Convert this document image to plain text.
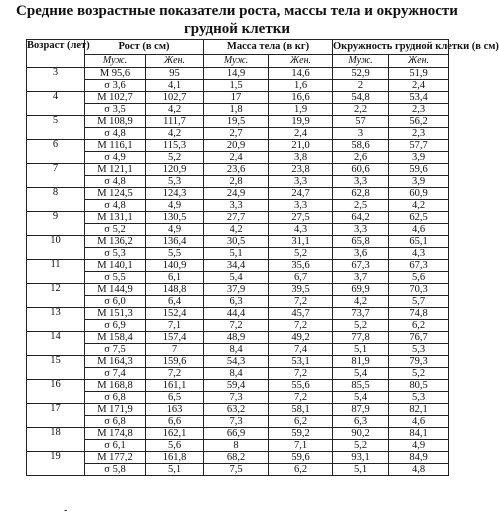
Средние возрастные показатели роста, массы тела и окружности
грудной клетки
Возраст (лет)	Рост (в см)		Масса тела (в кг)		Окружность грудной клетки (в см)	
	Муж.	Жен.	Муж.	Жен.	Муж.	Жен.
3	М 95,6	95	14,9	14,6	52,9	51,9
	σ 3,6	4,1	1,5	1,6	2	2,4
4	М 102,7	102,7	17	16,6	54,8	53,4
	σ 3,5	4,2	1,8	1,9	2,2	2,3
5	М 108,9	111,7	19,5	19,9	57	56,2
	σ 4,8	4,2	2,7	2,4	3	2,3
6	М 116,1	115,3	20,9	21,0	58,6	57,7
	σ 4,9	5,2	2,4	3,8	2,6	3,9
7	М 121,1	120,9	23,6	23,8	60,6	59,6
	σ 4,8	5,3	2,8	3,3	3,3	3,9
8	М 124,5	124,3	24,9	24,7	62,8	60,9
	σ 4,8	4,9	3,3	3,3	2,5	4,2
9	М 131,1	130,5	27,7	27,5	64,2	62,5
	σ 5,2	4,9	4,2	4,3	3,3	4,6
10	М 136,2	136,4	30,5	31,1	65,8	65,1
	σ 5,3	5,5	5,1	5,2	3,6	4,3
11	М 140,1	140,9	34,4	35,6	67,3	67,3
	σ 5,5	6,1	5,4	6,7	3,7	5,6
12	М 144,9	148,8	37,9	39,5	69,9	70,3
	σ 6,0	6,4	6,3	7,2	4,2	5,7
13	М 151,3	152,4	44,4	45,7	73,7	74,8
	σ 6,9	7,1	7,2	7,2	5,2	6,2
14	М 158,4	157,4	48,9	49,2	77,8	76,7
	σ 7,5	7	8,4	7,4	5,1	5,3
15	М 164,3	159,6	54,3	53,1	81,9	79,3
	σ 7,4	7,2	8,4	7,2	5,4	5,2
16	М 168,8	161,1	59,4	55,6	85,5	80,5
	σ 6,8	6,5	7,3	7,2	5,4	5,3
17	М 171,9	163	63,2	58,1	87,9	82,1
	σ 6,8	6,6	7,3	6,2	6,3	4,6
18	М 174,8	162,1	66,9	59,2	90,2	84,1
	σ 6,1	5,6	8	7,1	5,2	4,9
19	М 177,2	161,8	68,2	59,6	93,1	84,9
	σ 5,8	5,1	7,5	6,2	5,1	4,8
-
